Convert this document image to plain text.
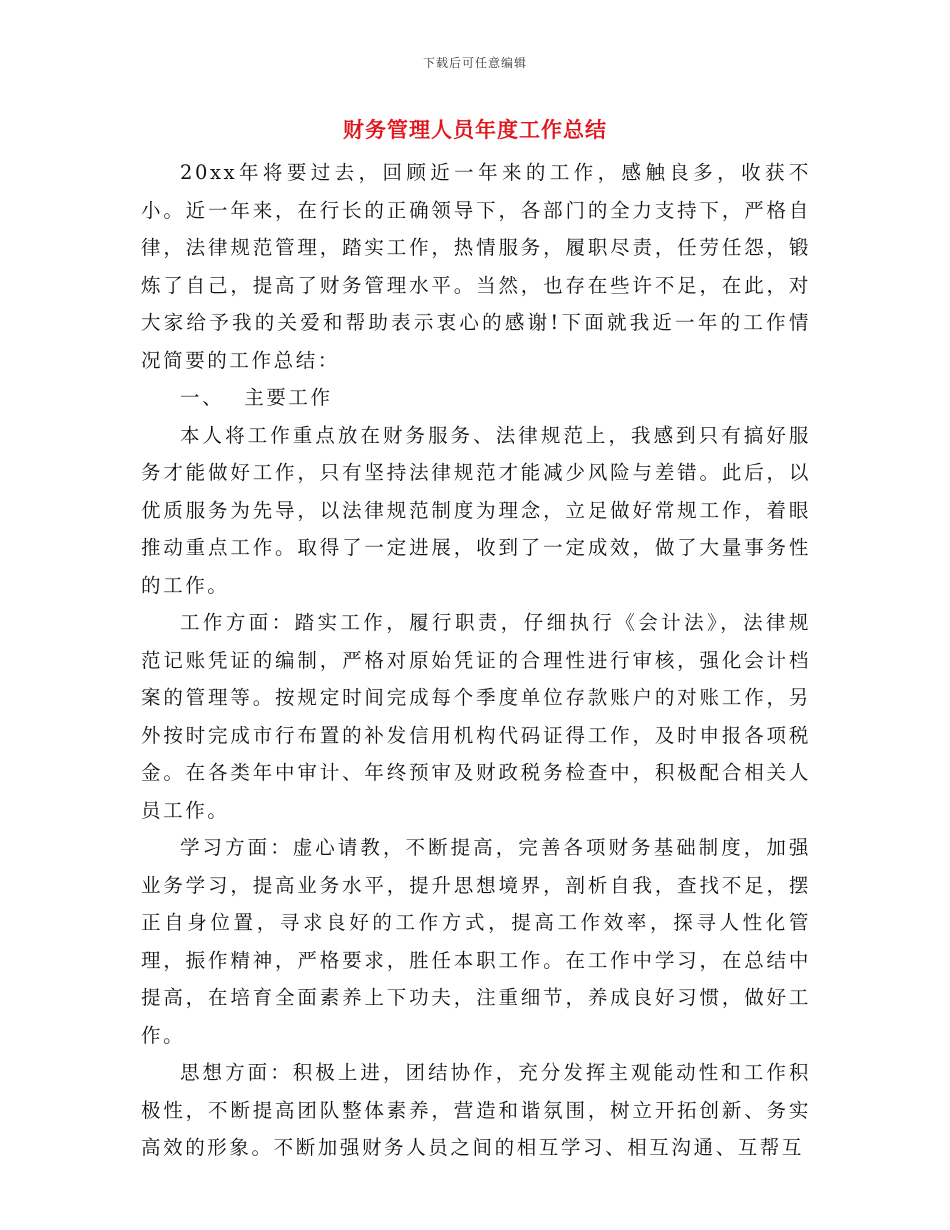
下载后可任意编辑
财务管理人员年度工作总结

20xx年将要过去，回顾近一年来的工作，感触良多，收获不小。近一年来，在行长的正确领导下，各部门的全力支持下，严格自律，法律规范管理，踏实工作，热情服务，履职尽责，任劳任怨，锻炼了自己，提高了财务管理水平。当然，也存在些许不足，在此，对大家给予我的关爱和帮助表示衷心的感谢!下面就我近一年的工作情况简要的工作总结：

一、 主要工作

本人将工作重点放在财务服务、法律规范上，我感到只有搞好服务才能做好工作，只有坚持法律规范才能减少风险与差错。此后，以优质服务为先导，以法律规范制度为理念，立足做好常规工作，着眼推动重点工作。取得了一定进展，收到了一定成效，做了大量事务性的工作。

工作方面：踏实工作，履行职责，仔细执行《会计法》，法律规范记账凭证的编制，严格对原始凭证的合理性进行审核，强化会计档案的管理等。按规定时间完成每个季度单位存款账户的对账工作，另外按时完成市行布置的补发信用机构代码证得工作，及时申报各项税金。在各类年中审计、年终预审及财政税务检查中，积极配合相关人员工作。

学习方面：虚心请教，不断提高，完善各项财务基础制度，加强业务学习，提高业务水平，提升思想境界，剖析自我，查找不足，摆正自身位置，寻求良好的工作方式，提高工作效率，探寻人性化管理，振作精神，严格要求，胜任本职工作。在工作中学习，在总结中提高，在培育全面素养上下功夫，注重细节，养成良好习惯，做好工作。

思想方面：积极上进，团结协作，充分发挥主观能动性和工作积极性，不断提高团队整体素养，营造和谐氛围，树立开拓创新、务实高效的形象。不断加强财务人员之间的相互学习、相互沟通、互帮互
